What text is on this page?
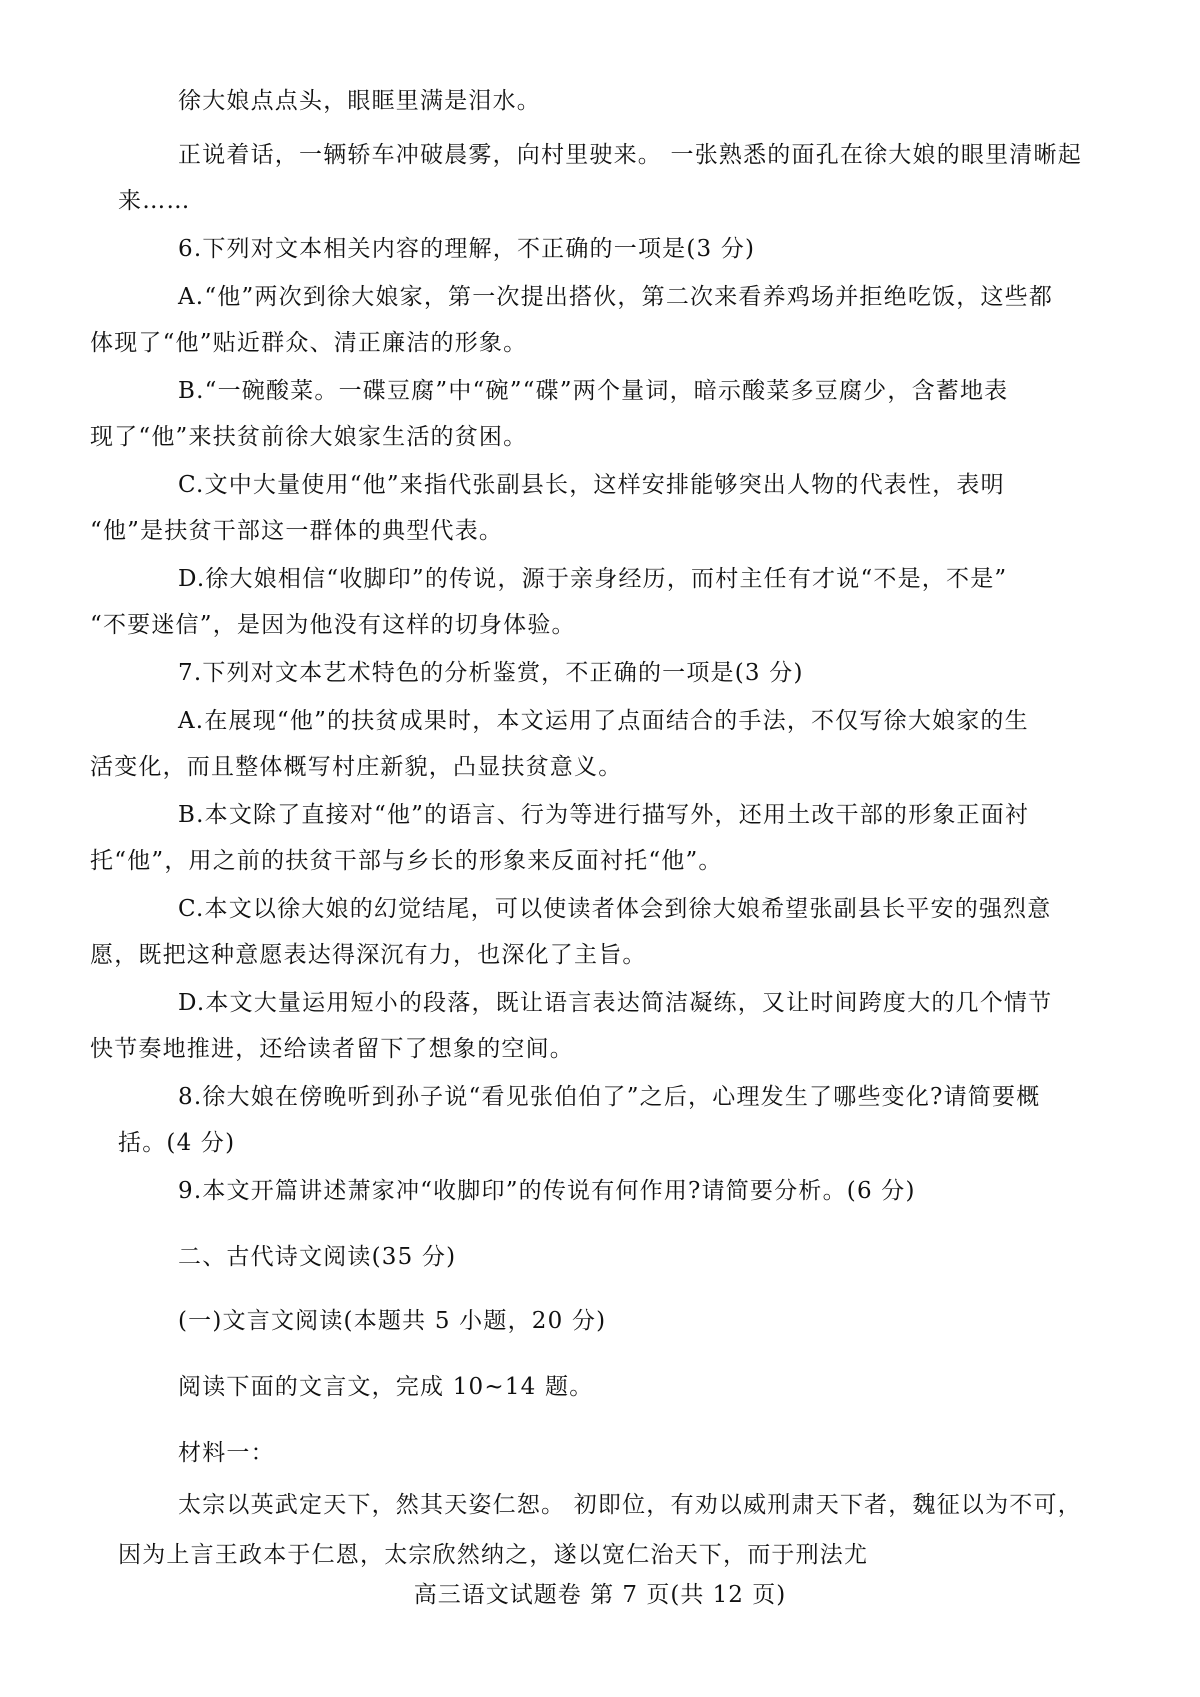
徐大娘点点头，眼眶里满是泪水。
正说着话，一辆轿车冲破晨雾，向村里驶来。 一张熟悉的面孔在徐大娘的眼里清晰起
来……
6.下列对文本相关内容的理解，不正确的一项是(3 分)
A.“他”两次到徐大娘家，第一次提出搭伙，第二次来看养鸡场并拒绝吃饭，这些都
体现了“他”贴近群众、清正廉洁的形象。
B.“一碗酸菜。一碟豆腐”中“碗”“碟”两个量词，暗示酸菜多豆腐少，含蓄地表
现了“他”来扶贫前徐大娘家生活的贫困。
C.文中大量使用“他”来指代张副县长，这样安排能够突出人物的代表性，表明
“他”是扶贫干部这一群体的典型代表。
D.徐大娘相信“收脚印”的传说，源于亲身经历，而村主任有才说“不是，不是”
“不要迷信”，是因为他没有这样的切身体验。
7.下列对文本艺术特色的分析鉴赏，不正确的一项是(3 分)
A.在展现“他”的扶贫成果时，本文运用了点面结合的手法，不仅写徐大娘家的生
活变化，而且整体概写村庄新貌，凸显扶贫意义。
B.本文除了直接对“他”的语言、行为等进行描写外，还用土改干部的形象正面衬
托“他”，用之前的扶贫干部与乡长的形象来反面衬托“他”。
C.本文以徐大娘的幻觉结尾，可以使读者体会到徐大娘希望张副县长平安的强烈意
愿，既把这种意愿表达得深沉有力，也深化了主旨。
D.本文大量运用短小的段落，既让语言表达简洁凝练，又让时间跨度大的几个情节
快节奏地推进，还给读者留下了想象的空间。
8.徐大娘在傍晚听到孙子说“看见张伯伯了”之后，心理发生了哪些变化?请简要概
括。(4 分)
9.本文开篇讲述萧家冲“收脚印”的传说有何作用?请简要分析。(6 分)
二、古代诗文阅读(35 分)
(一)文言文阅读(本题共 5 小题，20 分)
阅读下面的文言文，完成 10~14 题。
材料一：
太宗以英武定天下，然其天姿仁恕。 初即位，有劝以威刑肃天下者，魏征以为不可，
因为上言王政本于仁恩，太宗欣然纳之，遂以宽仁治天下，而于刑法尤
高三语文试题卷 第 7 页(共 12 页)
